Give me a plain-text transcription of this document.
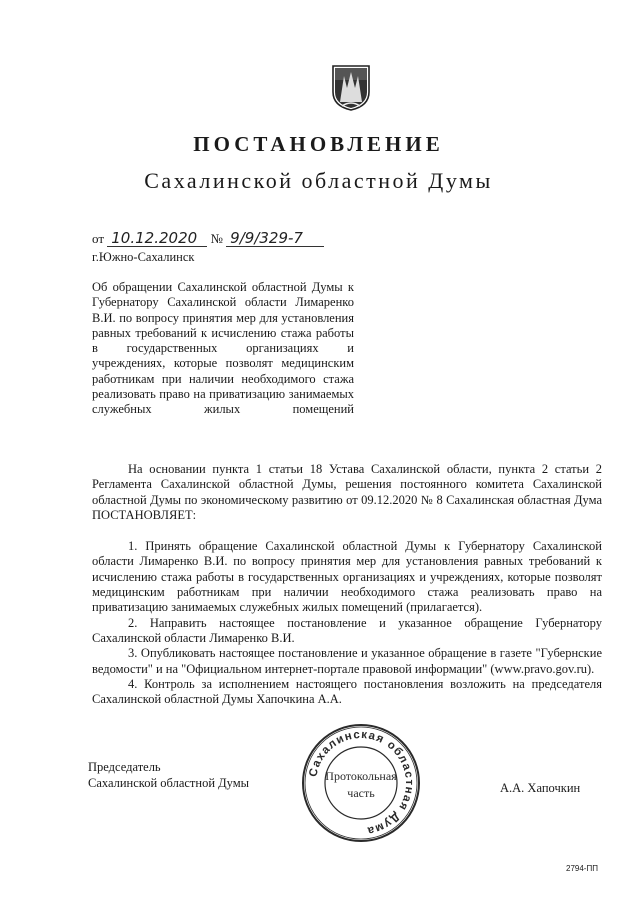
ПОСТАНОВЛЕНИЕ
Сахалинской областной Думы
от 10.12.2020 № 9/9/329-7
г.Южно-Сахалинск
Об обращении Сахалинской областной Думы к
Губернатору Сахалинской области Лимаренко
В.И. по вопросу принятия мер для установления
равных требований к исчислению стажа работы
в государственных организациях и
учреждениях, которые позволят медицинским
работникам при наличии необходимого стажа
реализовать право на приватизацию занимаемых
служебных жилых помещений

На основании пункта 1 статьи 18 Устава Сахалинской области, пункта 2 статьи 2 Регламента Сахалинской областной Думы, решения постоянного комитета Сахалинской областной Думы по экономическому развитию от 09.12.2020 № 8 Сахалинская областная Дума ПОСТАНОВЛЯЕТ:

1. Принять обращение Сахалинской областной Думы к Губернатору Сахалинской области Лимаренко В.И. по вопросу принятия мер для установления равных требований к исчислению стажа работы в государственных организациях и учреждениях, которые позволят медицинским работникам при наличии необходимого стажа реализовать право на приватизацию занимаемых служебных жилых помещений (прилагается).

2. Направить настоящее постановление и указанное обращение Губернатору Сахалинской области Лимаренко В.И.

3. Опубликовать настоящее постановление и указанное обращение в газете "Губернские ведомости" и на "Официальном интернет-портале правовой информации" (www.pravo.gov.ru).

4. Контроль за исполнением настоящего постановления возложить на председателя Сахалинской областной Думы Хапочкина А.А.

Председатель
Сахалинской областной Думы	А.А. Хапочкин
Сахалинская областная Дума
Протокольная
часть
2794-ПП
